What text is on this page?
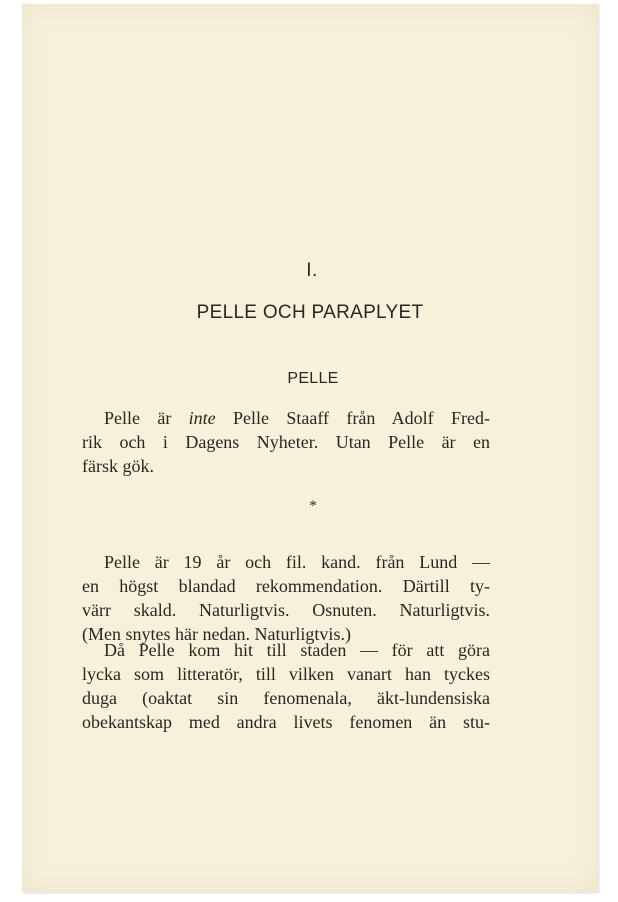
I.
PELLE OCH PARAPLYET
PELLE
Pelle är inte Pelle Staaff från Adolf Fred-
rik och i Dagens Nyheter. Utan Pelle är en
färsk gök.
*
Pelle är 19 år och fil. kand. från Lund —
en högst blandad rekommendation. Därtill ty-
värr skald. Naturligtvis. Osnuten. Naturligtvis.
(Men snytes här nedan. Naturligtvis.)
Då Pelle kom hit till staden — för att göra
lycka som litteratör, till vilken vanart han tyckes
duga (oaktat sin fenomenala, äkt-lundensiska
obekantskap med andra livets fenomen än stu-
